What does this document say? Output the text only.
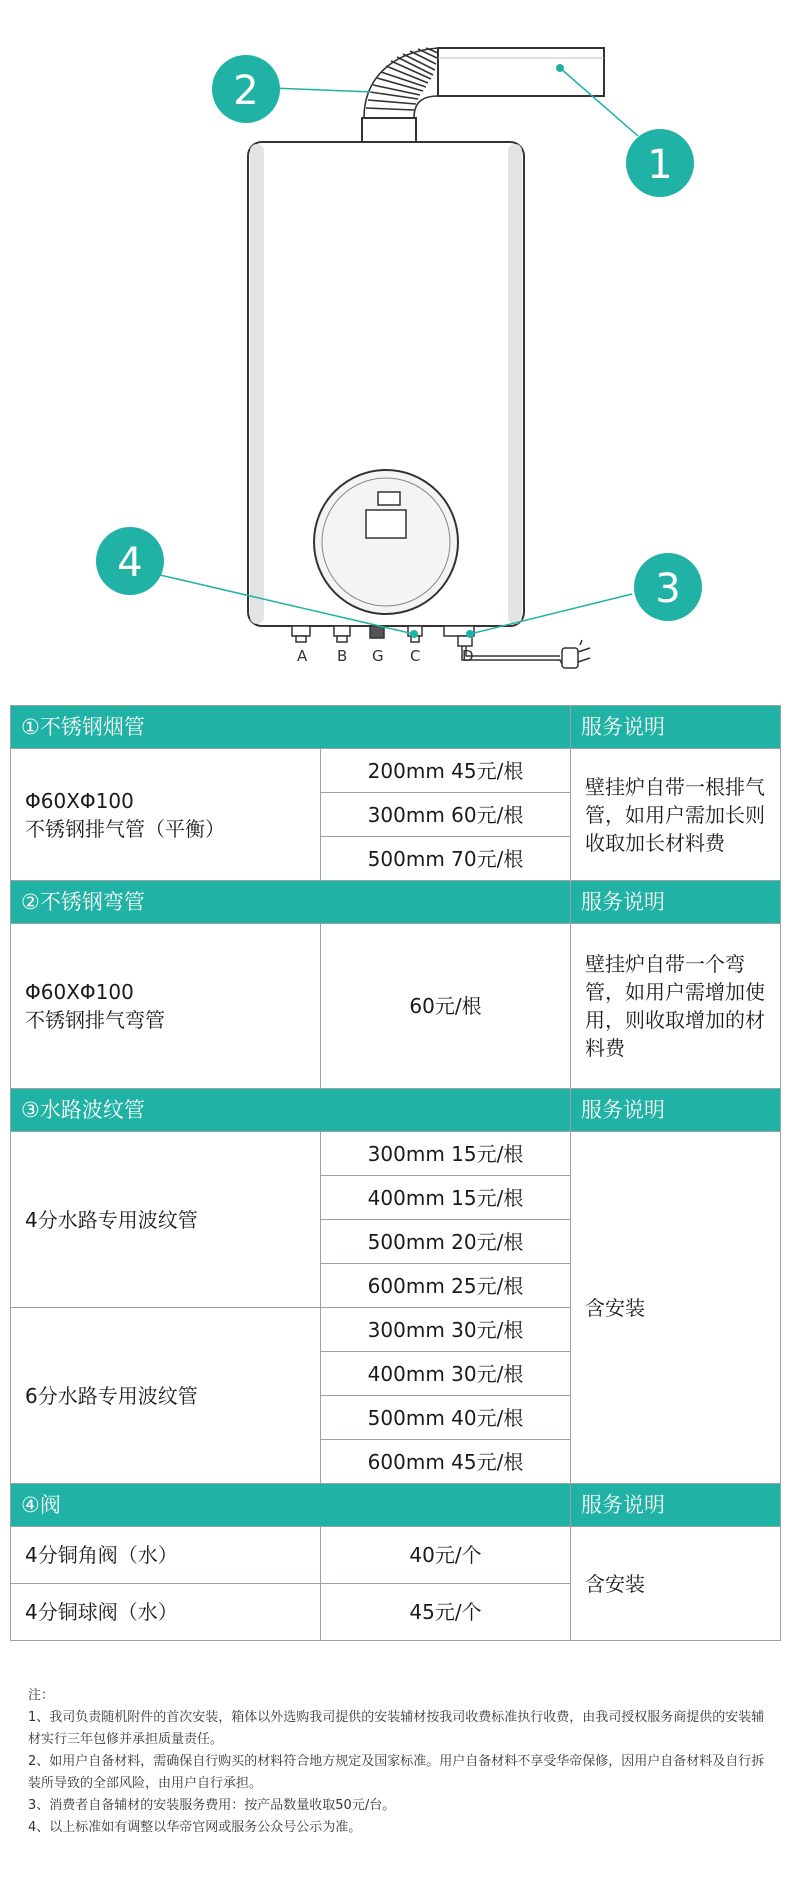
A B G C	D
1
2
3
4
①不锈钢烟管		服务说明
Φ60XΦ100
不锈钢排气管（平衡）	200mm 45元/根	壁挂炉自带一根排气管，如用户需加长则收取加长材料费
	300mm 60元/根	
	500mm 70元/根	
②不锈钢弯管		服务说明
Φ60XΦ100
不锈钢排气弯管	60元/根	壁挂炉自带一个弯管，如用户需增加使用，则收取增加的材料费
③水路波纹管		服务说明
4分水路专用波纹管	300mm 15元/根	含安装
	400mm 15元/根	
	500mm 20元/根	
	600mm 25元/根	
6分水路专用波纹管	300mm 30元/根	
	400mm 30元/根	
	500mm 40元/根	
	600mm 45元/根	
④阀		服务说明
4分铜角阀（水）	40元/个	含安装
4分铜球阀（水）	45元/个	

注：

1、我司负责随机附件的首次安装，箱体以外选购我司提供的安装辅材按我司收费标准执行收费，由我司授权服务商提供的安装辅材实行三年包修并承担质量责任。

2、如用户自备材料，需确保自行购买的材料符合地方规定及国家标准。用户自备材料不享受华帝保修，因用户自备材料及自行拆装所导致的全部风险，由用户自行承担。

3、消费者自备辅材的安装服务费用：按产品数量收取50元/台。

4、以上标准如有调整以华帝官网或服务公众号公示为准。
